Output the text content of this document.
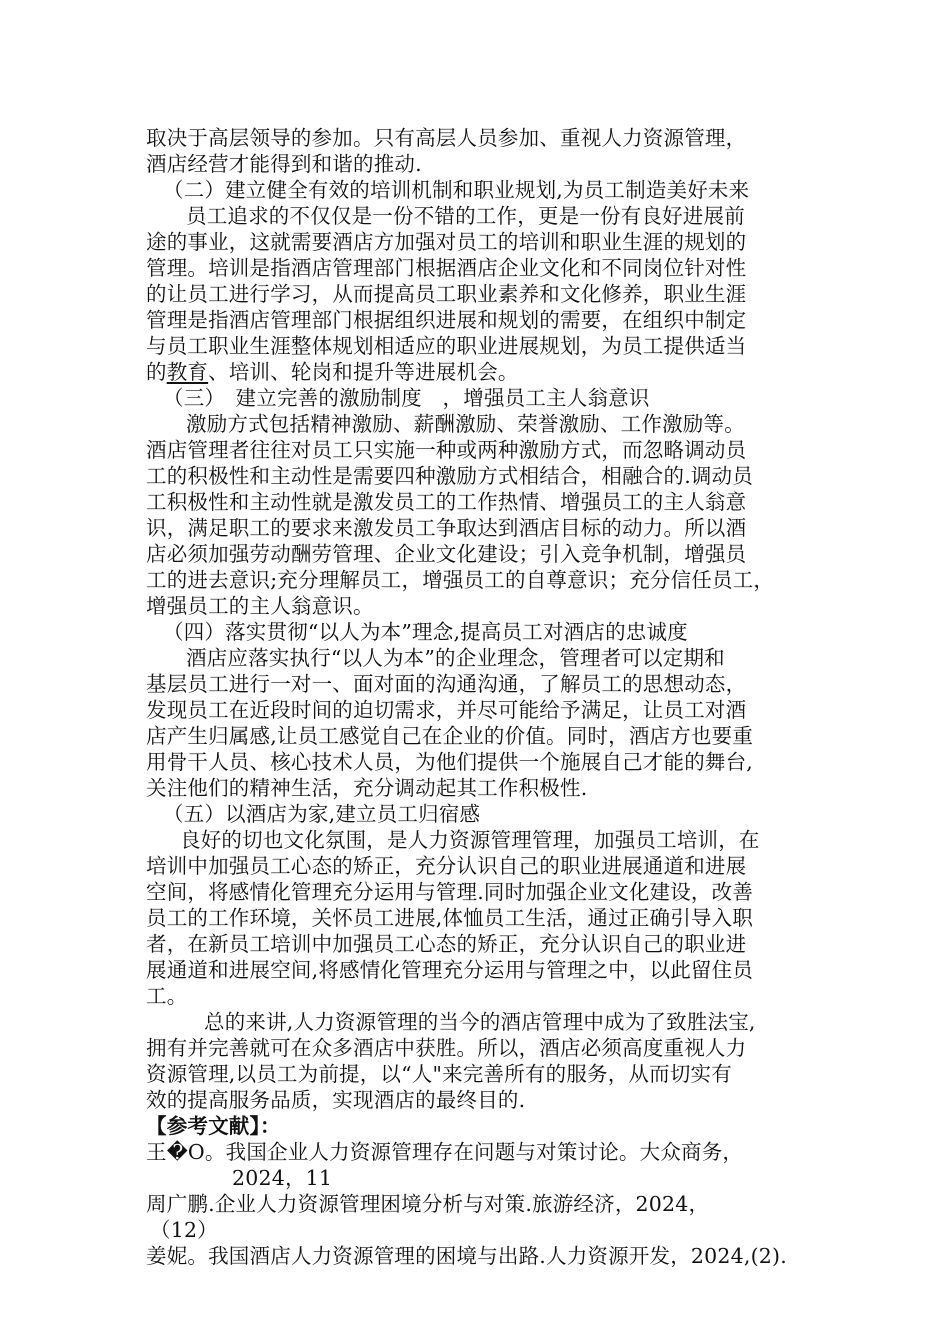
取决于高层领导的参加。只有高层人员参加、重视人力资源管理，
酒店经营才能得到和谐的推动.
（二）建立健全有效的培训机制和职业规划,为员工制造美好未来
员工追求的不仅仅是一份不错的工作，更是一份有良好进展前
途的事业，这就需要酒店方加强对员工的培训和职业生涯的规划的
管理。培训是指酒店管理部门根据酒店企业文化和不同岗位针对性
的让员工进行学习，从而提高员工职业素养和文化修养，职业生涯
管理是指酒店管理部门根据组织进展和规划的需要，在组织中制定
与员工职业生涯整体规划相适应的职业进展规划，为员工提供适当
的教育、培训、轮岗和提升等进展机会。
（三）　建立完善的激励制度　，增强员工主人翁意识
激励方式包括精神激励、薪酬激励、荣誉激励、工作激励等。
酒店管理者往往对员工只实施一种或两种激励方式，而忽略调动员
工的积极性和主动性是需要四种激励方式相结合，相融合的.调动员
工积极性和主动性就是激发员工的工作热情、增强员工的主人翁意
识，满足职工的要求来激发员工争取达到酒店目标的动力。所以酒
店必须加强劳动酬劳管理、企业文化建设；引入竞争机制，增强员
工的进去意识;充分理解员工，增强员工的自尊意识；充分信任员工，
增强员工的主人翁意识。
（四）落实贯彻“以人为本”理念,提高员工对酒店的忠诚度
酒店应落实执行“以人为本”的企业理念，管理者可以定期和
基层员工进行一对一、面对面的沟通沟通，了解员工的思想动态，
发现员工在近段时间的迫切需求，并尽可能给予满足，让员工对酒
店产生归属感,让员工感觉自己在企业的价值。同时，酒店方也要重
用骨干人员、核心技术人员，为他们提供一个施展自己才能的舞台,
关注他们的精神生活，充分调动起其工作积极性.
（五）以酒店为家,建立员工归宿感
良好的切也文化氛围，是人力资源管理管理，加强员工培训，在
培训中加强员工心态的矫正，充分认识自己的职业进展通道和进展
空间，将感情化管理充分运用与管理.同时加强企业文化建设，改善
员工的工作环境，关怀员工进展,体恤员工生活，通过正确引导入职
者，在新员工培训中加强员工心态的矫正，充分认识自己的职业进
展通道和进展空间,将感情化管理充分运用与管理之中，以此留住员
工。
总的来讲,人力资源管理的当今的酒店管理中成为了致胜法宝,
拥有并完善就可在众多酒店中获胜。所以，酒店必须高度重视人力
资源管理,以员工为前提，以“人"来完善所有的服务，从而切实有
效的提高服务品质，实现酒店的最终目的.
【参考文献】：
王�O。我国企业人力资源管理存在问题与对策讨论。大众商务，
2024，11
周广鹏.企业人力资源管理困境分析与对策.旅游经济，2024，
（12）
姜妮。我国酒店人力资源管理的困境与出路.人力资源开发，2024,(2).
